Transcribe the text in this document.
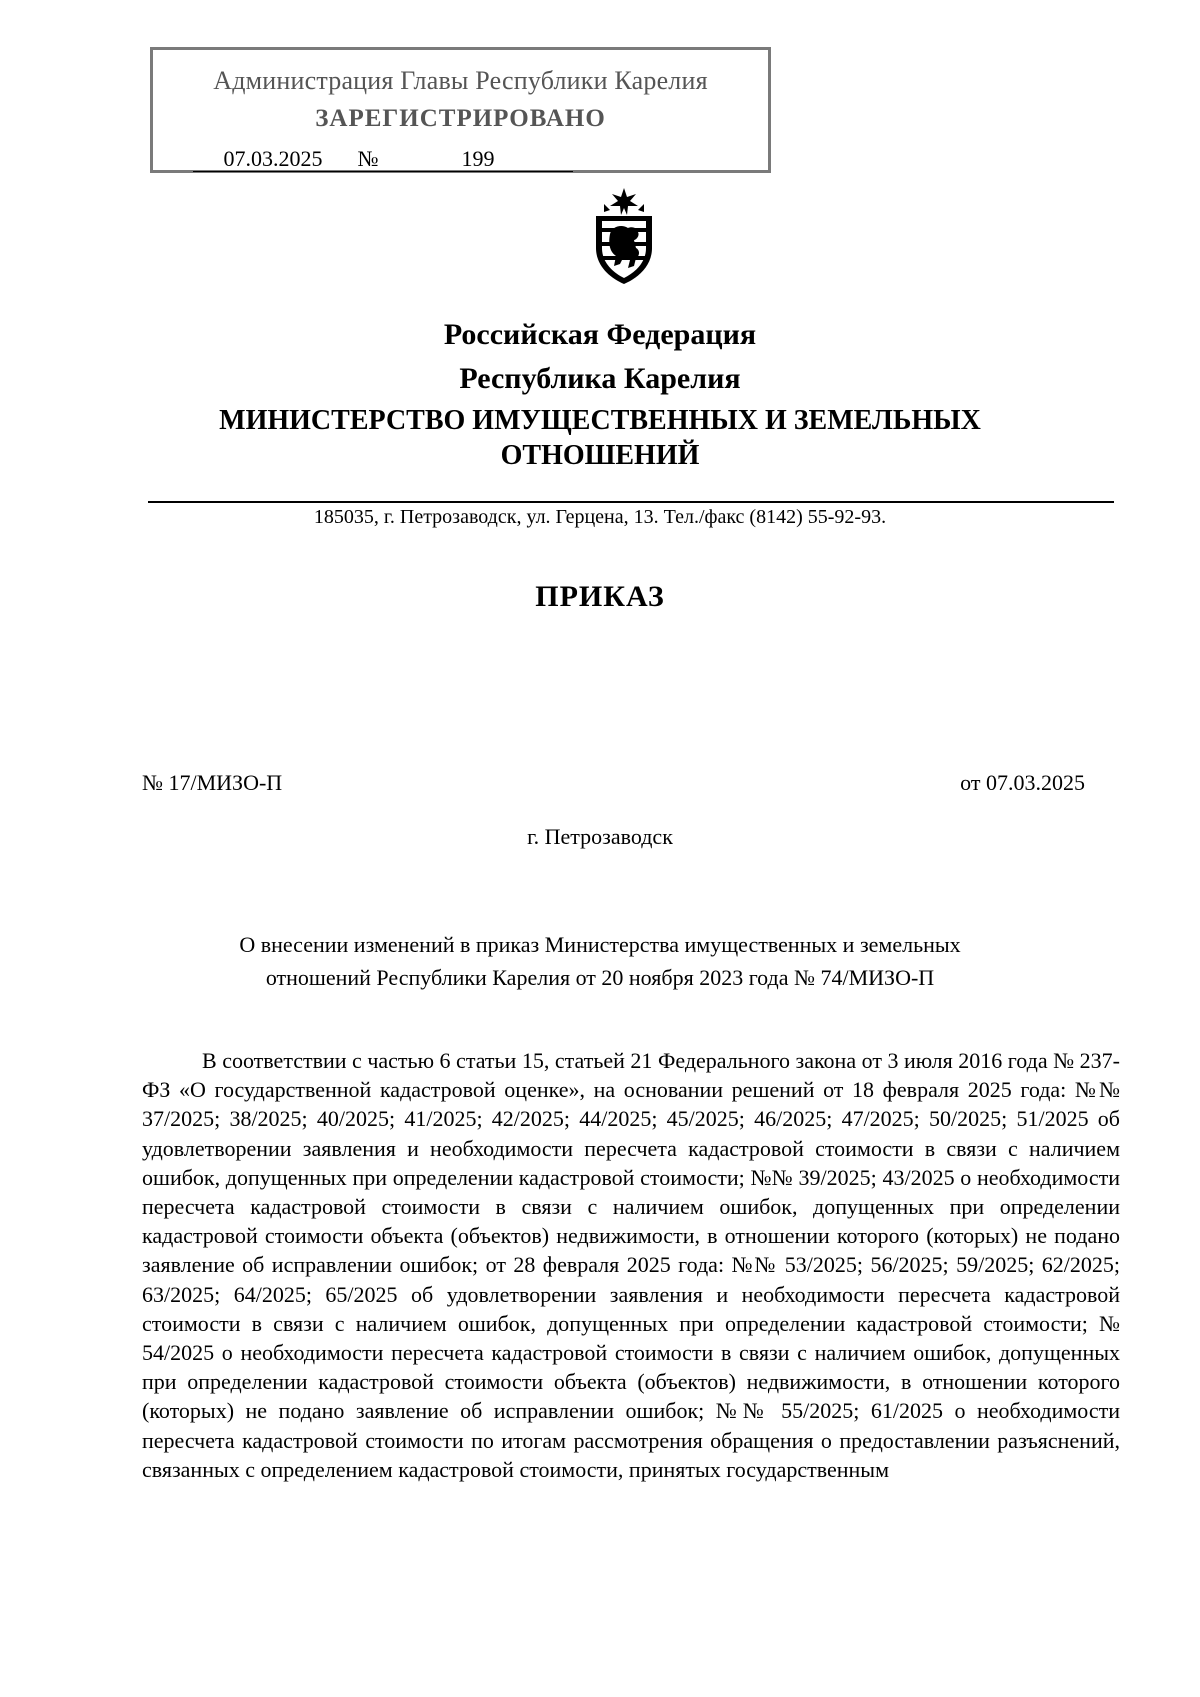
Администрация Главы Республики Карелия
ЗАРЕГИСТРИРОВАНО
07.03.2025 №	199
Российская Федерация
Республика Карелия
МИНИСТЕРСТВО ИМУЩЕСТВЕННЫХ И ЗЕМЕЛЬНЫХ
ОТНОШЕНИЙ
185035, г. Петрозаводск, ул. Герцена, 13. Тел./факс (8142) 55-92-93.
ПРИКАЗ
№ 17/МИЗО-П	от 07.03.2025
г. Петрозаводск
О внесении изменений в приказ Министерства имущественных и земельных
отношений Республики Карелия от 20 ноября 2023 года № 74/МИЗО-П

В соответствии с частью 6 статьи 15, статьей 21 Федерального закона от 3 июля 2016 года № 237-ФЗ «О государственной кадастровой оценке», на основании решений от 18 февраля 2025 года: №№ 37/2025; 38/2025; 40/2025; 41/2025; 42/2025; 44/2025; 45/2025; 46/2025; 47/2025; 50/2025; 51/2025 об удовлетворении заявления и необходимости пересчета кадастровой стоимости в связи с наличием ошибок, допущенных при определении кадастровой стоимости; №№ 39/2025; 43/2025 о необходимости пересчета кадастровой стоимости в связи с наличием ошибок, допущенных при определении кадастровой стоимости объекта (объектов) недвижимости, в отношении которого (которых) не подано заявление об исправлении ошибок; от 28 февраля 2025 года: №№ 53/2025; 56/2025; 59/2025; 62/2025; 63/2025; 64/2025; 65/2025 об удовлетворении заявления и необходимости пересчета кадастровой стоимости в связи с наличием ошибок, допущенных при определении кадастровой стоимости; № 54/2025 о необходимости пересчета кадастровой стоимости в связи с наличием ошибок, допущенных при определении кадастровой стоимости объекта (объектов) недвижимости, в отношении которого (которых) не подано заявление об исправлении ошибок; №№ 55/2025; 61/2025 о необходимости пересчета кадастровой стоимости по итогам рассмотрения обращения о предоставлении разъяснений, связанных с определением кадастровой стоимости, принятых государственным
